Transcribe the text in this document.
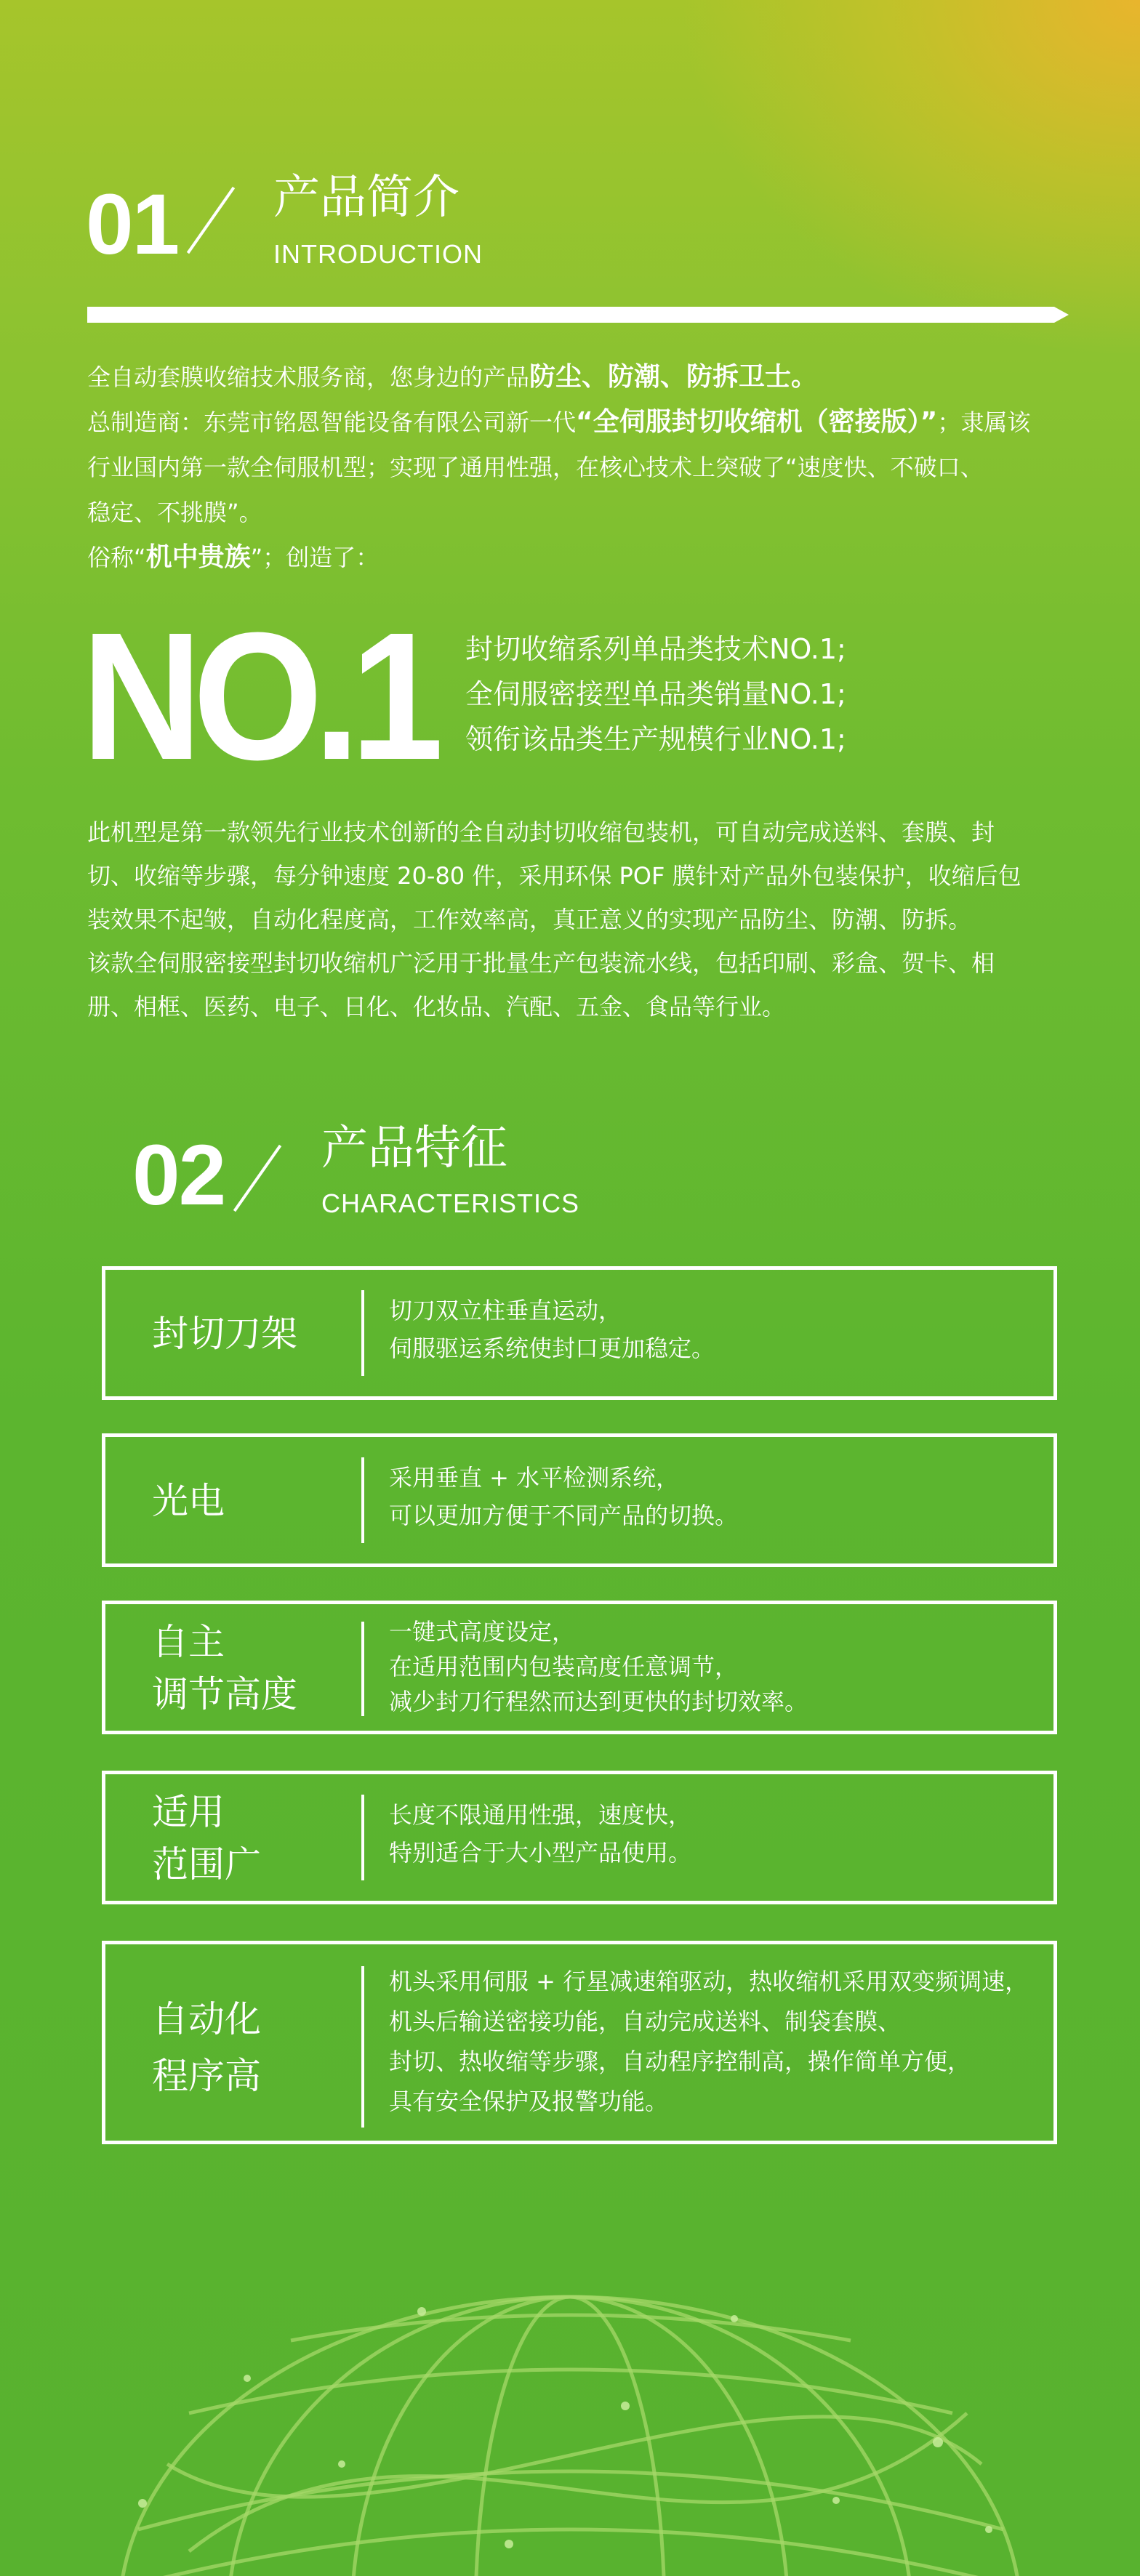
01 产品简介
INTRODUCTION
全自动套膜收缩技术服务商，您身边的产品防尘、防潮、防拆卫士。
总制造商：东莞市铭恩智能设备有限公司新一代“全伺服封切收缩机（密接版）”；隶属该
行业国内第一款全伺服机型；实现了通用性强，在核心技术上突破了“速度快、不破口、
稳定、不挑膜”。
俗称“机中贵族”；创造了：
NO.1 封切收缩系列单品类技术NO.1;
全伺服密接型单品类销量NO.1;
领衔该品类生产规模行业NO.1;
此机型是第一款领先行业技术创新的全自动封切收缩包装机，可自动完成送料、套膜、封
切、收缩等步骤，每分钟速度 20-80 件，采用环保 POF 膜针对产品外包装保护，收缩后包
装效果不起皱，自动化程度高，工作效率高，真正意义的实现产品防尘、防潮、防拆。
该款全伺服密接型封切收缩机广泛用于批量生产包装流水线，包括印刷、彩盒、贺卡、相
册、相框、医药、电子、日化、化妆品、汽配、五金、食品等行业。
02 产品特征
CHARACTERISTICS
封切刀架
切刀双立柱垂直运动，
伺服驱运系统使封口更加稳定。
光电
采用垂直 + 水平检测系统，
可以更加方便于不同产品的切换。
自主
调节高度
一键式高度设定，
在适用范围内包装高度任意调节，
减少封刀行程然而达到更快的封切效率。
适用
范围广
长度不限通用性强，速度快，
特别适合于大小型产品使用。
自动化
程序高
机头采用伺服 + 行星减速箱驱动，热收缩机采用双变频调速，
机头后输送密接功能，自动完成送料、制袋套膜、
封切、热收缩等步骤，自动程序控制高，操作简单方便，
具有安全保护及报警功能。
